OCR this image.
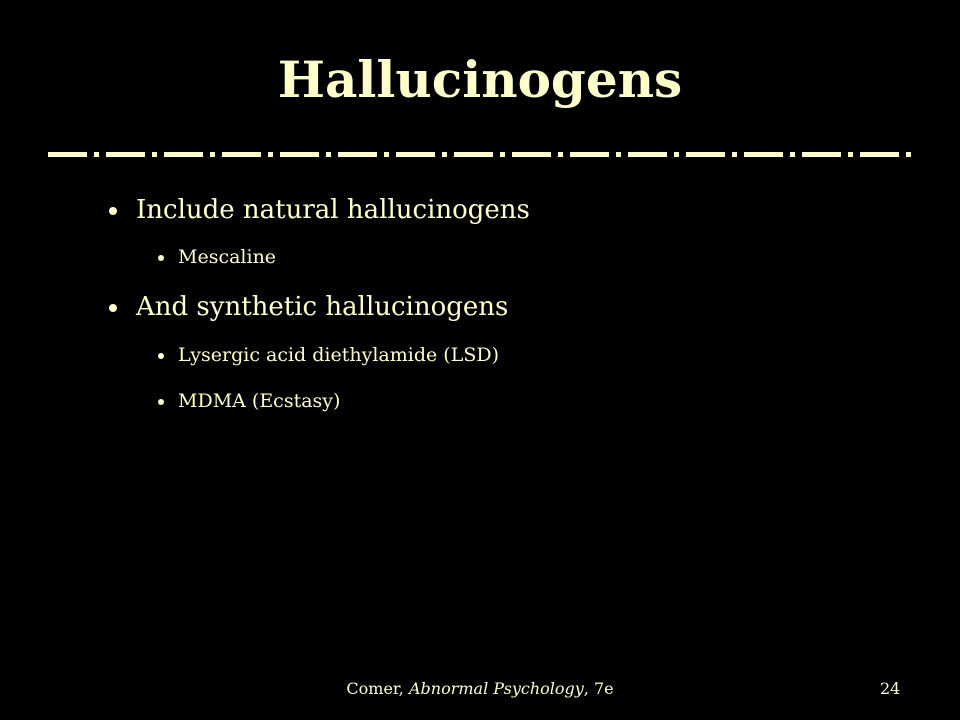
Hallucinogens
Include natural hallucinogens
Mescaline
And synthetic hallucinogens
Lysergic acid diethylamide (LSD)
MDMA (Ecstasy)
Comer, Abnormal Psychology, 7e	24
